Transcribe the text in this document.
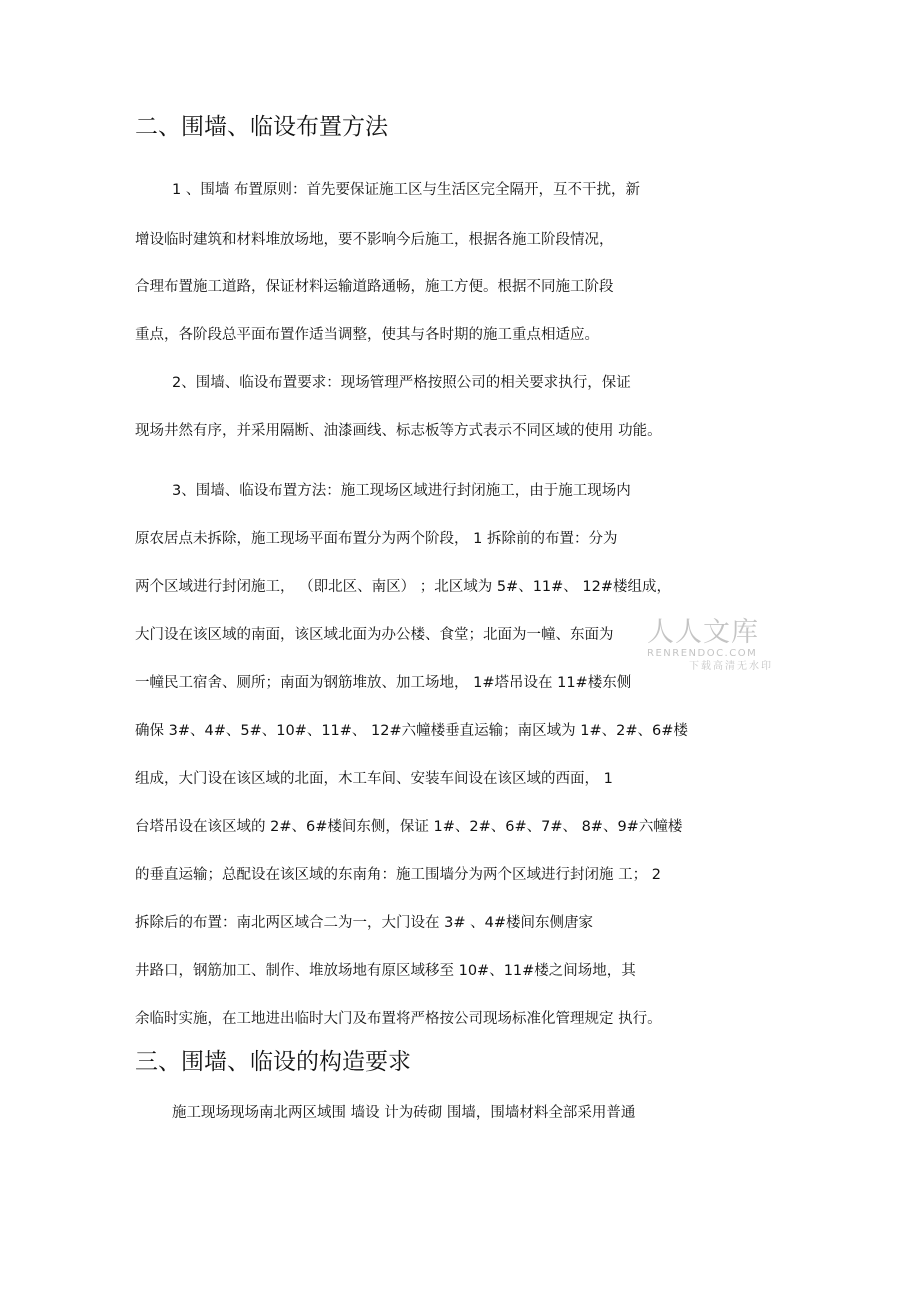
二、围墙、临设布置方法
1 、围墙 布置原则：首先要保证施工区与生活区完全隔开，互不干扰，新
增设临时建筑和材料堆放场地，要不影响今后施工，根据各施工阶段情况，
合理布置施工道路，保证材料运输道路通畅，施工方便。根据不同施工阶段
重点，各阶段总平面布置作适当调整，使其与各时期的施工重点相适应。
2、围墙、临设布置要求：现场管理严格按照公司的相关要求执行，保证
现场井然有序，并采用隔断、油漆画线、标志板等方式表示不同区域的使用 功能。
3、围墙、临设布置方法：施工现场区域进行封闭施工，由于施工现场内
原农居点未拆除，施工现场平面布置分为两个阶段， 1 拆除前的布置：分为
两个区域进行封闭施工， （即北区、南区） ；北区域为 5#、11#、 12#楼组成，
大门设在该区域的南面，该区域北面为办公楼、食堂；北面为一幢、东面为
一幢民工宿舍、厕所；南面为钢筋堆放、加工场地， 1#塔吊设在 11#楼东侧
确保 3#、4#、5#、10#、11#、 12#六幢楼垂直运输；南区域为 1#、2#、6#楼
组成，大门设在该区域的北面，木工车间、安装车间设在该区域的西面， 1
台塔吊设在该区域的 2#、6#楼间东侧，保证 1#、2#、6#、7#、 8#、9#六幢楼
的垂直运输；总配设在该区域的东南角：施工围墙分为两个区域进行封闭施 工； 2
拆除后的布置：南北两区域合二为一，大门设在 3# 、4#楼间东侧唐家
井路口，钢筋加工、制作、堆放场地有原区域移至 10#、11#楼之间场地，其
余临时实施，在工地进出临时大门及布置将严格按公司现场标准化管理规定 执行。
三、围墙、临设的构造要求
施工现场现场南北两区域围 墙设 计为砖砌 围墙，围墙材料全部采用普通
人人文库
RENRENDOC.COM
下载高清无水印
